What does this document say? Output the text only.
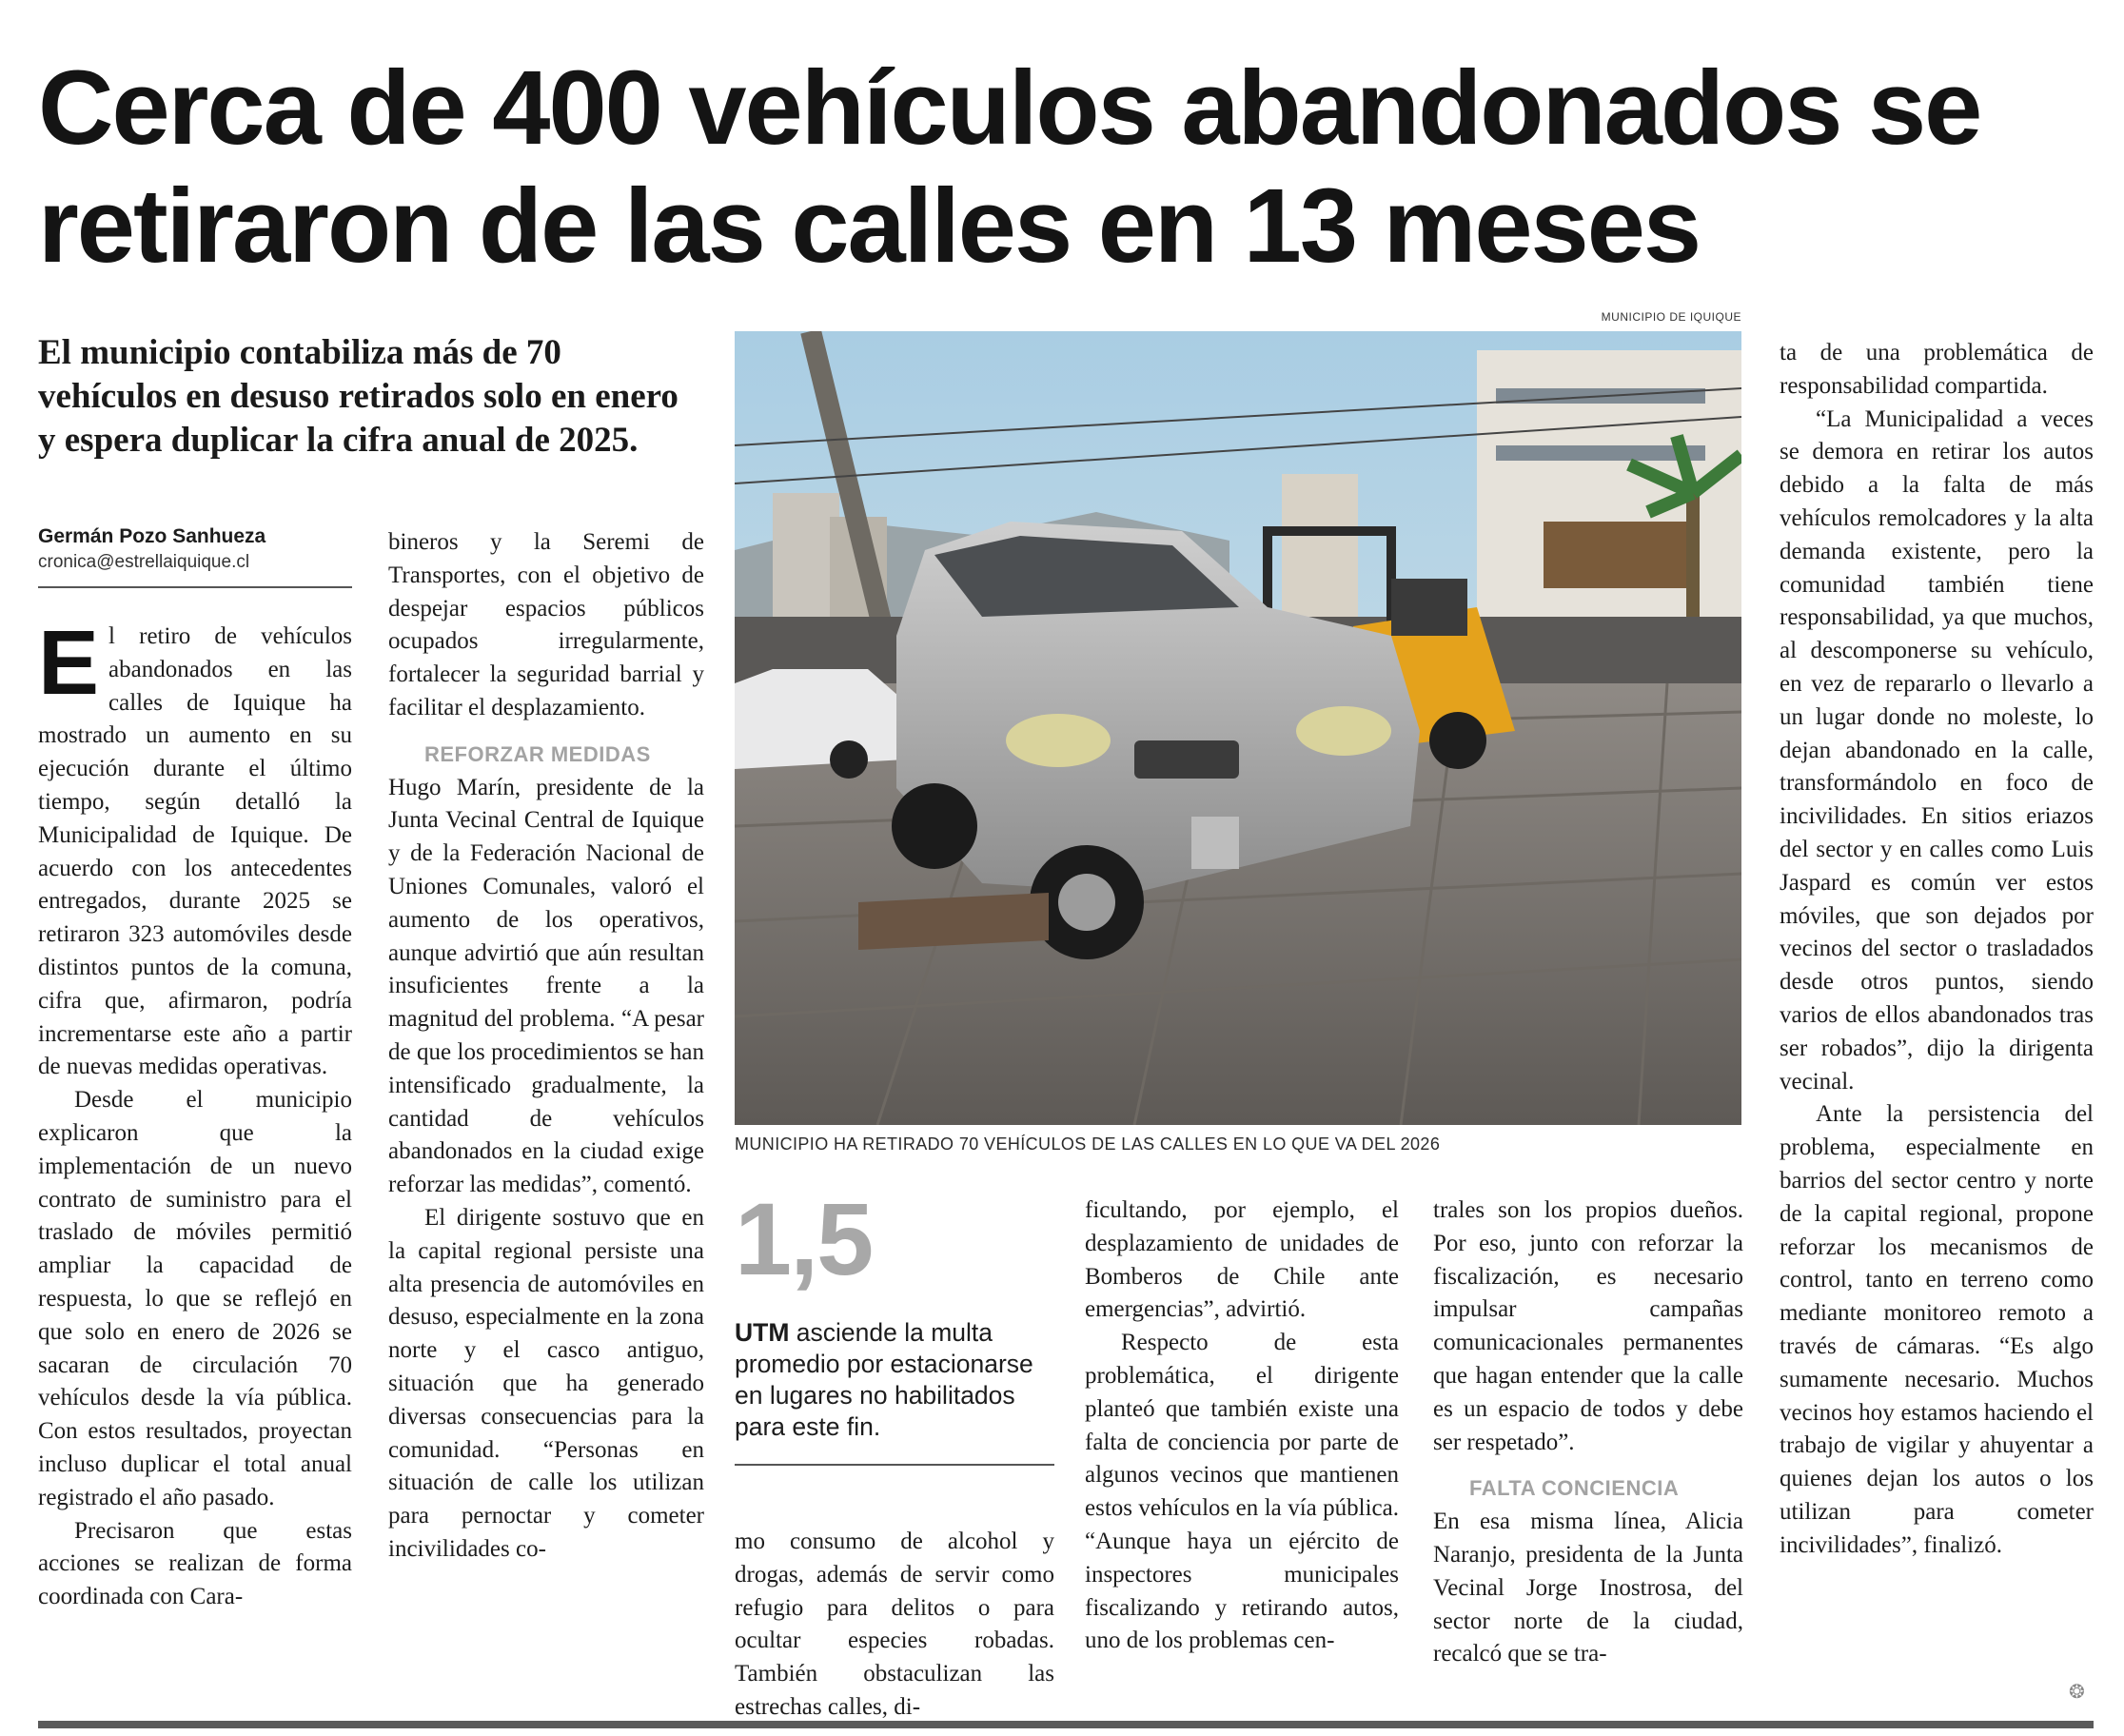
Cerca de 400 vehículos abandonados se retiraron de las calles en 13 meses

El municipio contabiliza más de 70 vehículos en desuso retirados solo en enero y espera duplicar la cifra anual de 2025.

Germán Pozo Sanhueza
cronica@estrellaiquique.cl

El retiro de vehículos abandonados en las calles de Iquique ha mostrado un aumento en su ejecución durante el último tiempo, según detalló la Municipalidad de Iquique. De acuerdo con los antecedentes entregados, durante 2025 se retiraron 323 automóviles desde distintos puntos de la comuna, cifra que, afirmaron, podría incrementarse este año a partir de nuevas medidas operativas.

Desde el municipio explicaron que la implementación de un nuevo contrato de suministro para el traslado de móviles permitió ampliar la capacidad de respuesta, lo que se reflejó en que solo en enero de 2026 se sacaran de circulación 70 vehículos desde la vía pública. Con estos resultados, proyectan incluso duplicar el total anual registrado el año pasado.

Precisaron que estas acciones se realizan de forma coordinada con Cara-

bineros y la Seremi de Transportes, con el objetivo de despejar espacios públicos ocupados irregularmente, fortalecer la seguridad barrial y facilitar el desplazamiento.

REFORZAR MEDIDAS

Hugo Marín, presidente de la Junta Vecinal Central de Iquique y de la Federación Nacional de Uniones Comunales, valoró el aumento de los operativos, aunque advirtió que aún resultan insuficientes frente a la magnitud del problema. “A pesar de que los procedimientos se han intensificado gradualmente, la cantidad de vehículos abandonados en la ciudad exige reforzar las medidas”, comentó.

El dirigente sostuvo que en la capital regional persiste una alta presencia de automóviles en desuso, especialmente en la zona norte y el casco antiguo, situación que ha generado diversas consecuencias para la comunidad. “Personas en situación de calle los utilizan para pernoctar y cometer incivilidades co-

MUNICIPIO DE IQUIQUE
MUNICIPIO HA RETIRADO 70 VEHÍCULOS DE LAS CALLES EN LO QUE VA DEL 2026
1,5

UTM asciende la multa promedio por estacionarse en lugares no habilitados para este fin.

mo consumo de alcohol y drogas, además de servir como refugio para delitos o para ocultar especies robadas. También obstaculizan las estrechas calles, di-

ficultando, por ejemplo, el desplazamiento de unidades de Bomberos de Chile ante emergencias”, advirtió.

Respecto de esta problemática, el dirigente planteó que también existe una falta de conciencia por parte de algunos vecinos que mantienen estos vehículos en la vía pública. “Aunque haya un ejército de inspectores municipales fiscalizando y retirando autos, uno de los problemas cen-

trales son los propios dueños. Por eso, junto con reforzar la fiscalización, es necesario impulsar campañas comunicacionales permanentes que hagan entender que la calle es un espacio de todos y debe ser respetado”.

FALTA CONCIENCIA

En esa misma línea, Alicia Naranjo, presidenta de la Junta Vecinal Jorge Inostrosa, del sector norte de la ciudad, recalcó que se tra-

ta de una problemática de responsabilidad compartida.

“La Municipalidad a veces se demora en retirar los autos debido a la falta de más vehículos remolcadores y la alta demanda existente, pero la comunidad también tiene responsabilidad, ya que muchos, al descomponerse su vehículo, en vez de repararlo o llevarlo a un lugar donde no moleste, lo dejan abandonado en la calle, transformándolo en foco de incivilidades. En sitios eriazos del sector y en calles como Luis Jaspard es común ver estos móviles, que son dejados por vecinos del sector o trasladados desde otros puntos, siendo varios de ellos abandonados tras ser robados”, dijo la dirigenta vecinal.

Ante la persistencia del problema, especialmente en barrios del sector centro y norte de la capital regional, propone reforzar los mecanismos de control, tanto en terreno como mediante monitoreo remoto a través de cámaras. “Es algo sumamente necesario. Muchos vecinos hoy estamos haciendo el trabajo de vigilar y ahuyentar a quienes dejan los autos o los utilizan para cometer incivilidades”, finalizó.

❂
